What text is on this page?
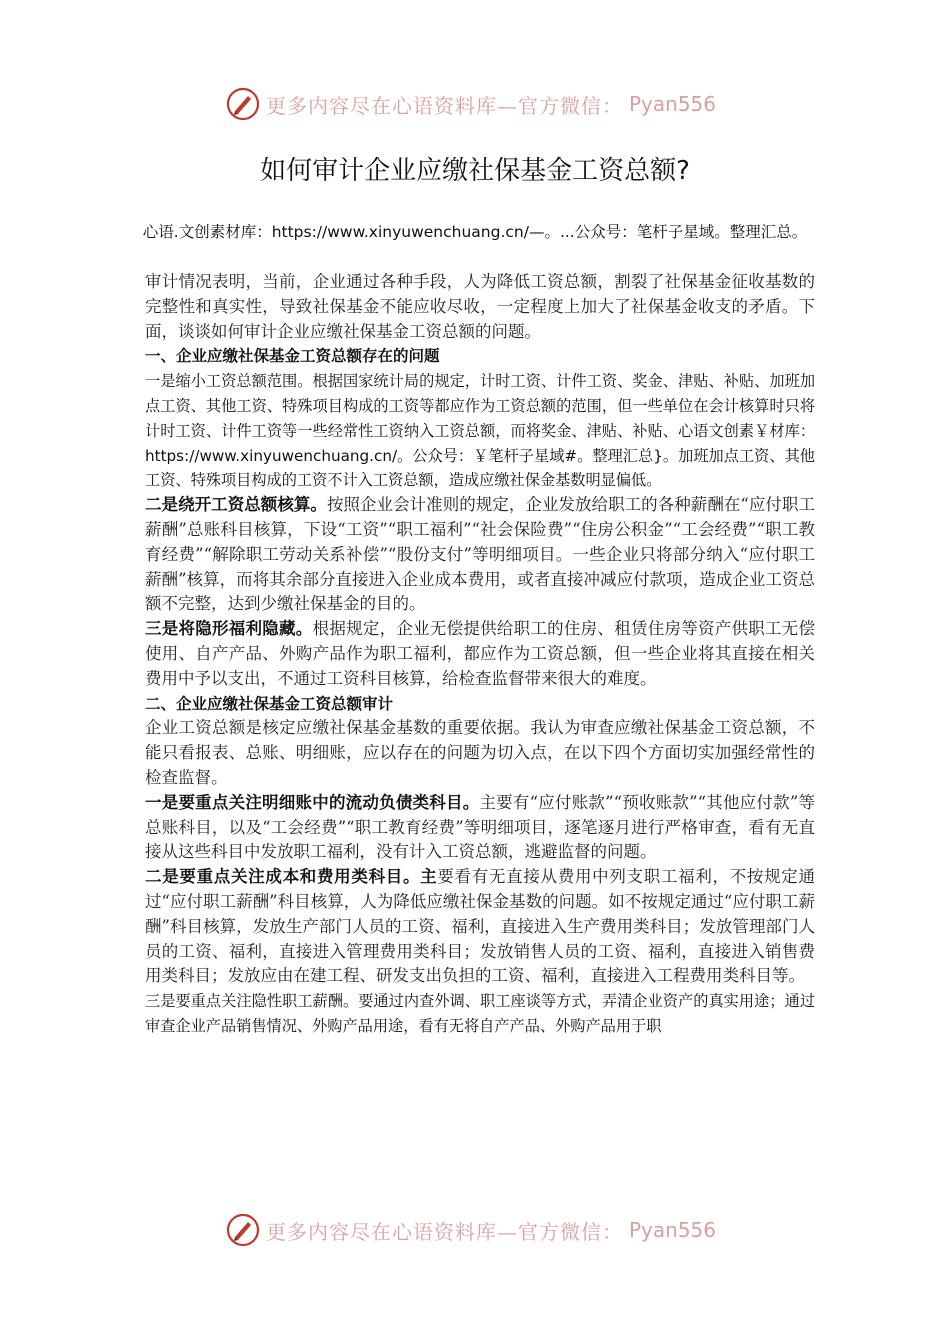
更多内容尽在心语资料库—官方微信： Pyan556
如何审计企业应缴社保基金工资总额?
心语.文创素材库：https://www.xinyuwenchuang.cn/—。...公众号：笔杆子星域。整理汇总。

审计情况表明，当前，企业通过各种手段，人为降低工资总额，割裂了社保基金征收基数的完整性和真实性，导致社保基金不能应收尽收，一定程度上加大了社保基金收支的矛盾。下面，谈谈如何审计企业应缴社保基金工资总额的问题。

一、企业应缴社保基金工资总额存在的问题

一是缩小工资总额范围。根据国家统计局的规定，计时工资、计件工资、奖金、津贴、补贴、加班加点工资、其他工资、特殊项目构成的工资等都应作为工资总额的范围，但一些单位在会计核算时只将计时工资、计件工资等一些经常性工资纳入工资总额，而将奖金、津贴、补贴、心语文创素￥材库：https://www.xinyuwenchuang.cn/。公众号：￥笔杆子星域#。整理汇总}。加班加点工资、其他工资、特殊项目构成的工资不计入工资总额，造成应缴社保金基数明显偏低。

二是绕开工资总额核算。按照企业会计准则的规定，企业发放给职工的各种薪酬在“应付职工薪酬”总账科目核算，下设“工资”“职工福利”“社会保险费”“住房公积金”“工会经费”“职工教育经费”“解除职工劳动关系补偿”“股份支付”等明细项目。一些企业只将部分纳入“应付职工薪酬”核算，而将其余部分直接进入企业成本费用，或者直接冲减应付款项，造成企业工资总额不完整，达到少缴社保基金的目的。

三是将隐形福利隐藏。根据规定，企业无偿提供给职工的住房、租赁住房等资产供职工无偿使用、自产产品、外购产品作为职工福利，都应作为工资总额，但一些企业将其直接在相关费用中予以支出，不通过工资科目核算，给检查监督带来很大的难度。

二、企业应缴社保基金工资总额审计

企业工资总额是核定应缴社保基金基数的重要依据。我认为审查应缴社保基金工资总额，不能只看报表、总账、明细账，应以存在的问题为切入点，在以下四个方面切实加强经常性的检查监督。

一是要重点关注明细账中的流动负债类科目。主要有“应付账款”“预收账款”“其他应付款”等总账科目，以及“工会经费”“职工教育经费”等明细项目，逐笔逐月进行严格审查，看有无直接从这些科目中发放职工福利，没有计入工资总额，逃避监督的问题。

二是要重点关注成本和费用类科目。主要看有无直接从费用中列支职工福利，不按规定通过“应付职工薪酬”科目核算，人为降低应缴社保金基数的问题。如不按规定通过“应付职工薪酬”科目核算，发放生产部门人员的工资、福利，直接进入生产费用类科目；发放管理部门人员的工资、福利，直接进入管理费用类科目；发放销售人员的工资、福利，直接进入销售费用类科目；发放应由在建工程、研发支出负担的工资、福利，直接进入工程费用类科目等。

三是要重点关注隐性职工薪酬。要通过内查外调、职工座谈等方式，弄清企业资产的真实用途；通过审查企业产品销售情况、外购产品用途，看有无将自产产品、外购产品用于职

更多内容尽在心语资料库—官方微信： Pyan556
